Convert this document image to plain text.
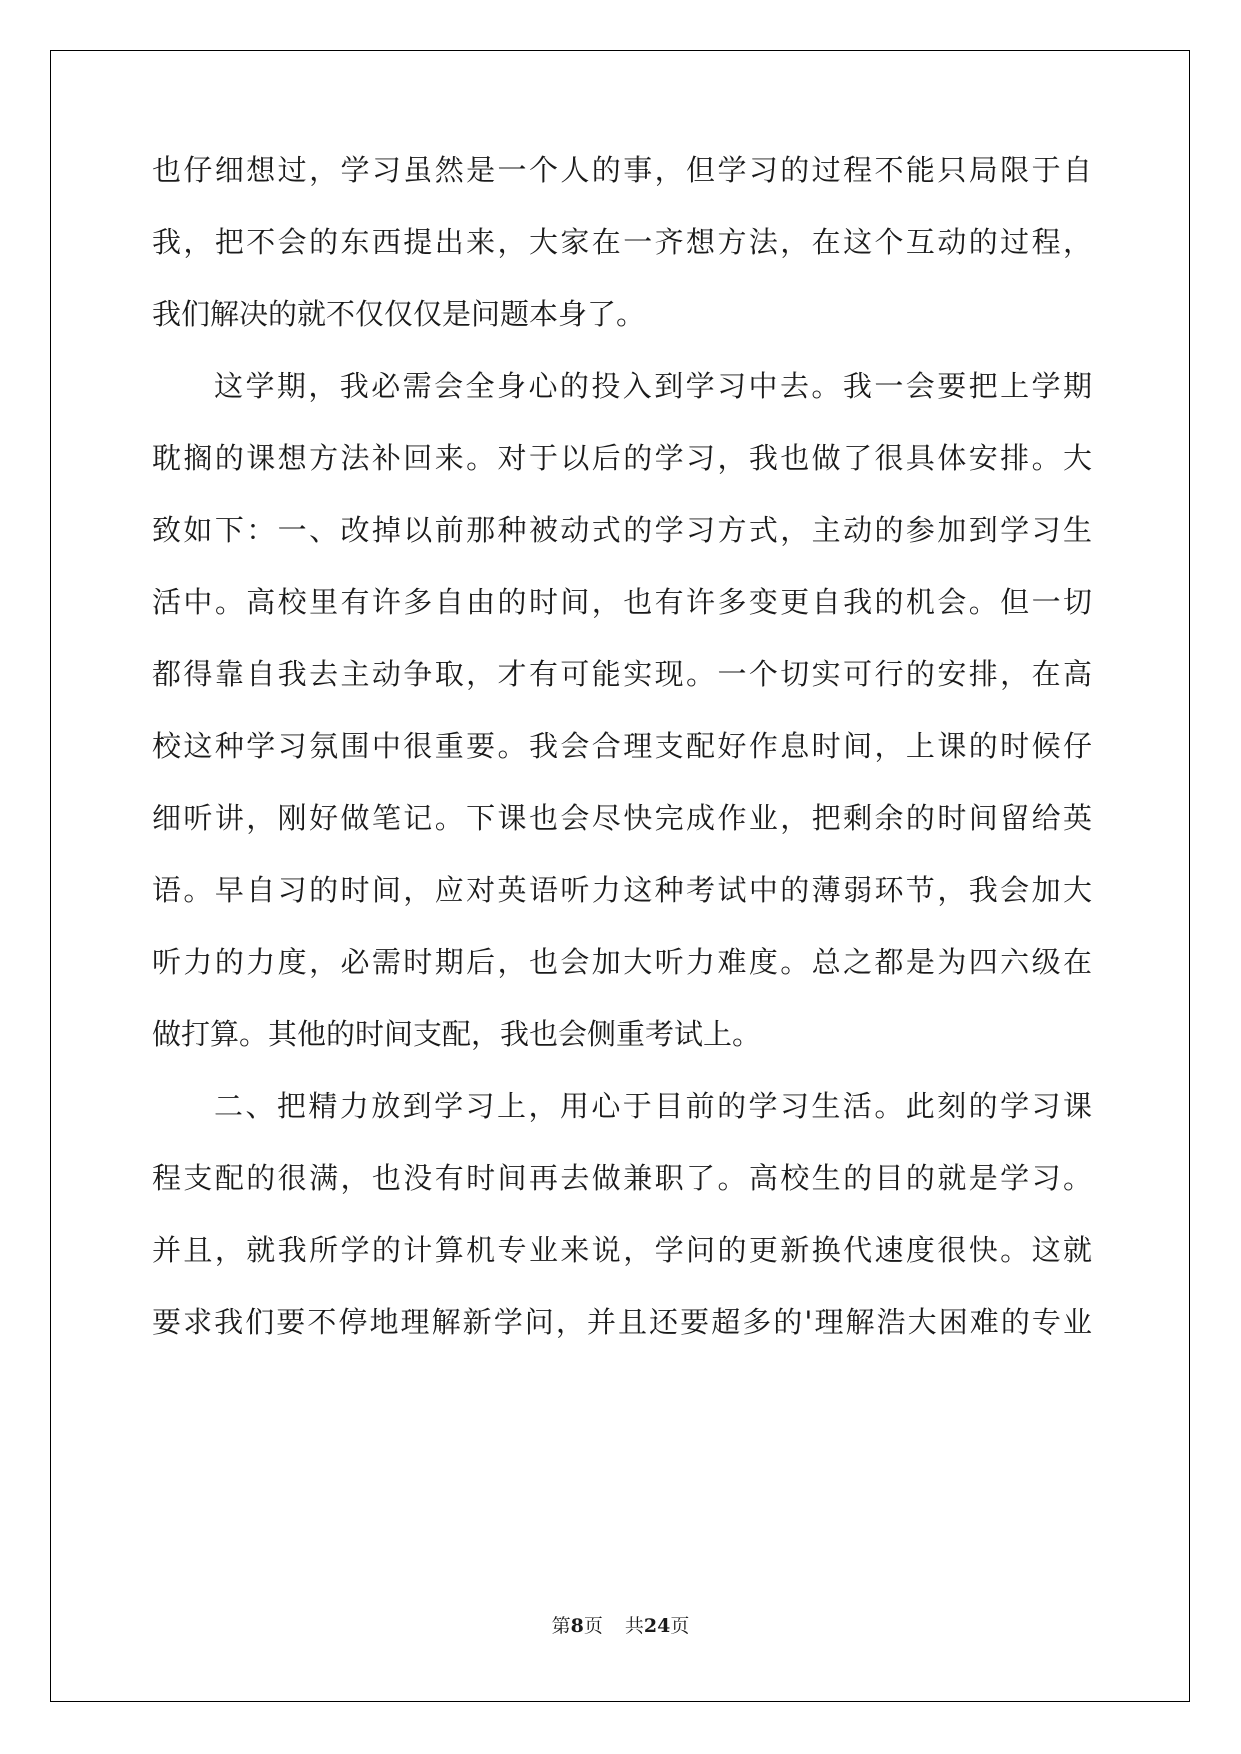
也仔细想过，学习虽然是一个人的事，但学习的过程不能只局限于自
我，把不会的东西提出来，大家在一齐想方法，在这个互动的过程，
我们解决的就不仅仅仅是问题本身了。
这学期，我必需会全身心的投入到学习中去。我一会要把上学期
耽搁的课想方法补回来。对于以后的学习，我也做了很具体安排。大
致如下：一、改掉以前那种被动式的学习方式，主动的参加到学习生
活中。高校里有许多自由的时间，也有许多变更自我的机会。但一切
都得靠自我去主动争取，才有可能实现。一个切实可行的安排，在高
校这种学习氛围中很重要。我会合理支配好作息时间，上课的时候仔
细听讲，刚好做笔记。下课也会尽快完成作业，把剩余的时间留给英
语。早自习的时间，应对英语听力这种考试中的薄弱环节，我会加大
听力的力度，必需时期后，也会加大听力难度。总之都是为四六级在
做打算。其他的时间支配，我也会侧重考试上。
二、把精力放到学习上，用心于目前的学习生活。此刻的学习课
程支配的很满，也没有时间再去做兼职了。高校生的目的就是学习。
并且，就我所学的计算机专业来说，学问的更新换代速度很快。这就
要求我们要不停地理解新学问，并且还要超多的'理解浩大困难的专业
第8页 共24页
